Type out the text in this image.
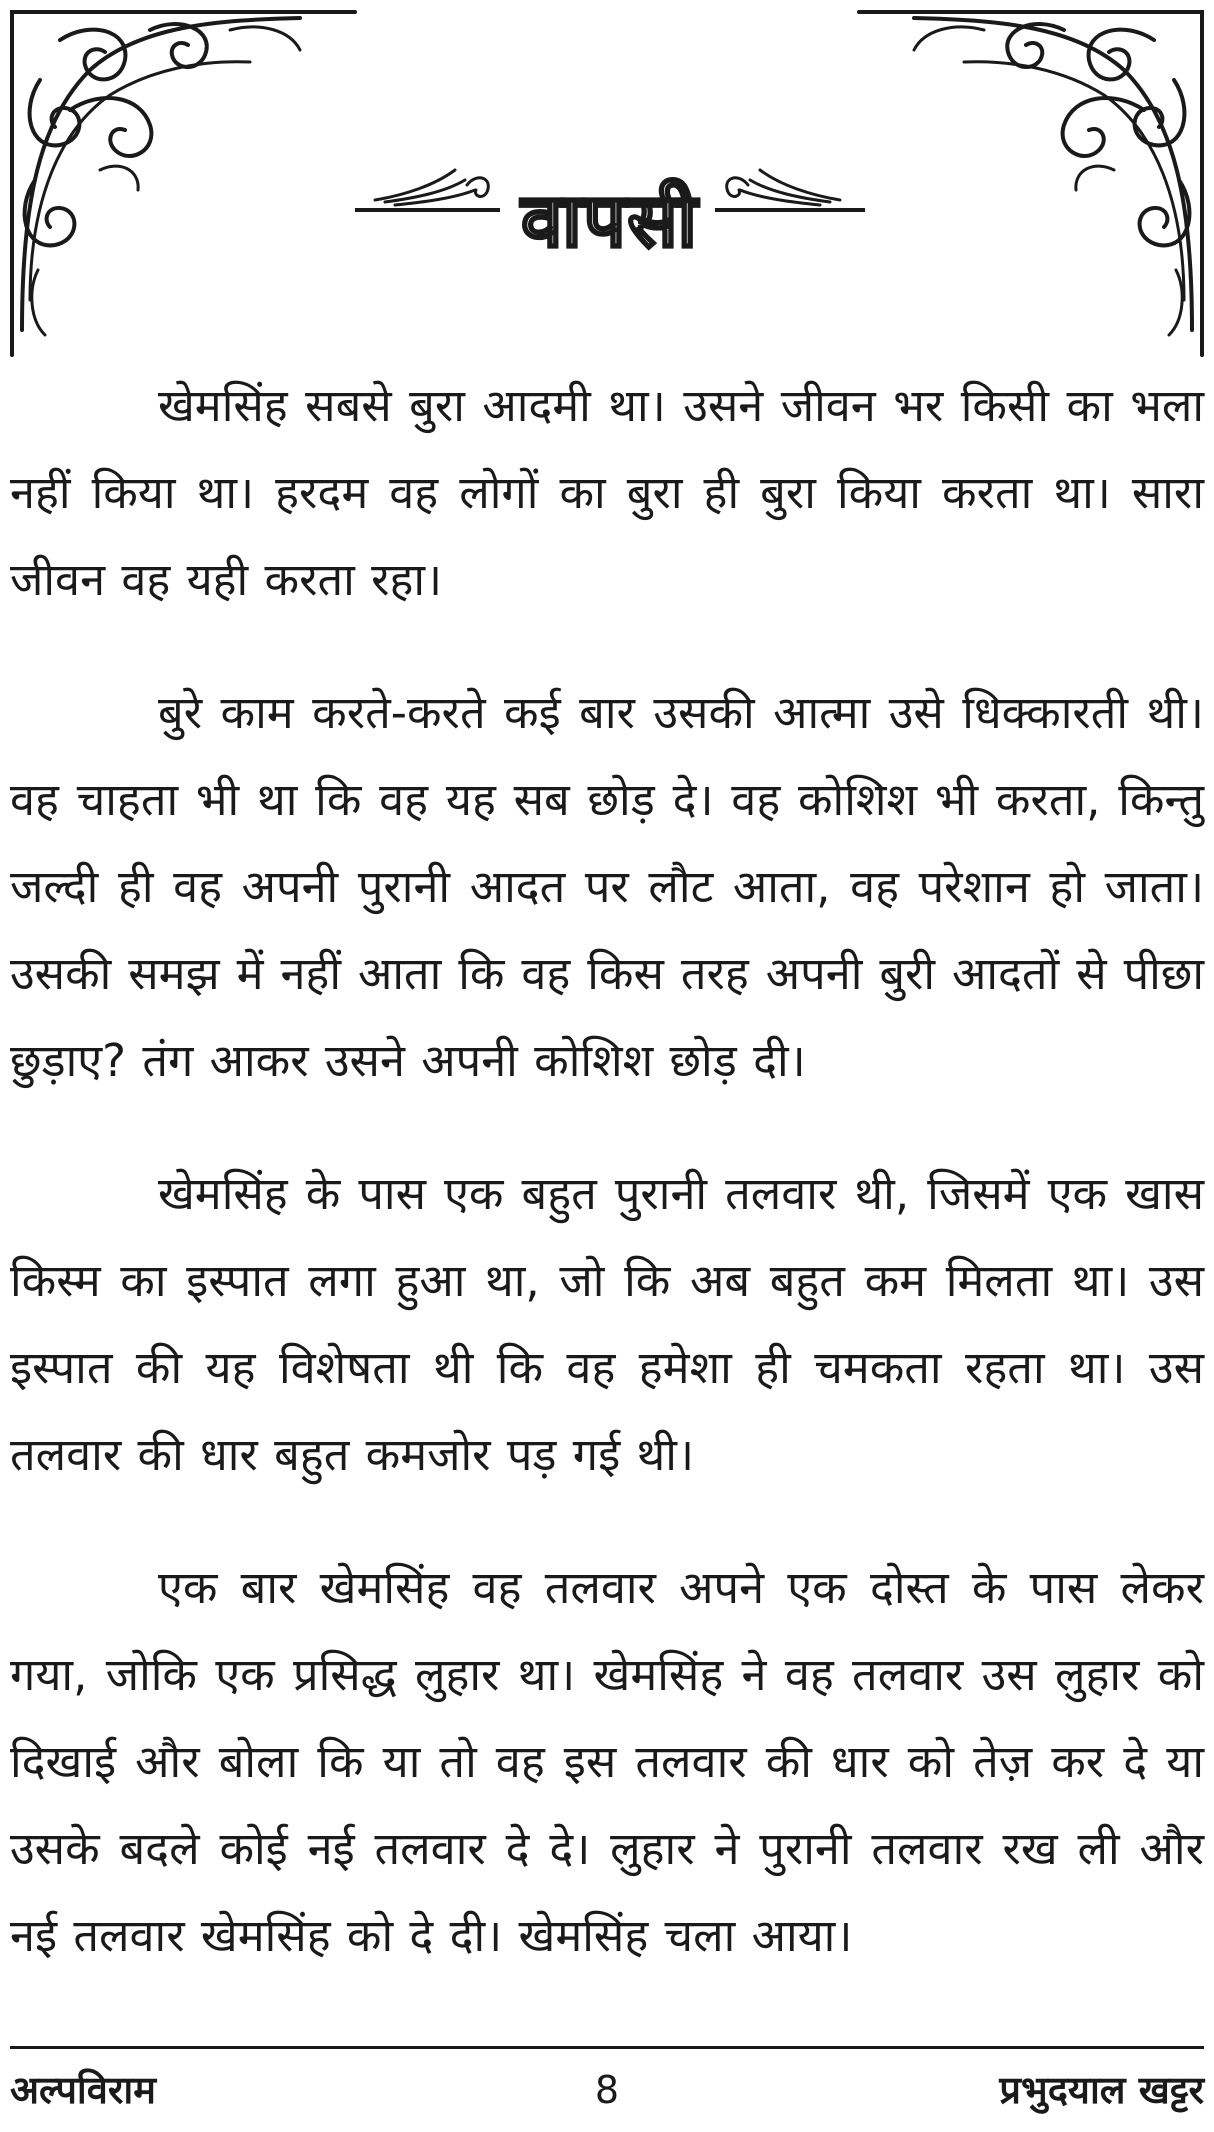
वापसी

खेमसिंह सबसे बुरा आदमी था। उसने जीवन भर किसी का भला नहीं किया था। हरदम वह लोगों का बुरा ही बुरा किया करता था। सारा जीवन वह यही करता रहा।

बुरे काम करते-करते कई बार उसकी आत्मा उसे धिक्कारती थी। वह चाहता भी था कि वह यह सब छोड़ दे। वह कोशिश भी करता, किन्तु जल्दी ही वह अपनी पुरानी आदत पर लौट आता, वह परेशान हो जाता। उसकी समझ में नहीं आता कि वह किस तरह अपनी बुरी आदतों से पीछा छुड़ाए? तंग आकर उसने अपनी कोशिश छोड़ दी।

खेमसिंह के पास एक बहुत पुरानी तलवार थी, जिसमें एक खास किस्म का इस्पात लगा हुआ था, जो कि अब बहुत कम मिलता था। उस इस्पात की यह विशेषता थी कि वह हमेशा ही चमकता रहता था। उस तलवार की धार बहुत कमजोर पड़ गई थी।

एक बार खेमसिंह वह तलवार अपने एक दोस्त के पास लेकर गया, जोकि एक प्रसिद्ध लुहार था। खेमसिंह ने वह तलवार उस लुहार को दिखाई और बोला कि या तो वह इस तलवार की धार को तेज़ कर दे या उसके बदले कोई नई तलवार दे दे। लुहार ने पुरानी तलवार रख ली और नई तलवार खेमसिंह को दे दी। खेमसिंह चला आया।

8
अल्पविराम	प्रभुदयाल खट्टर
